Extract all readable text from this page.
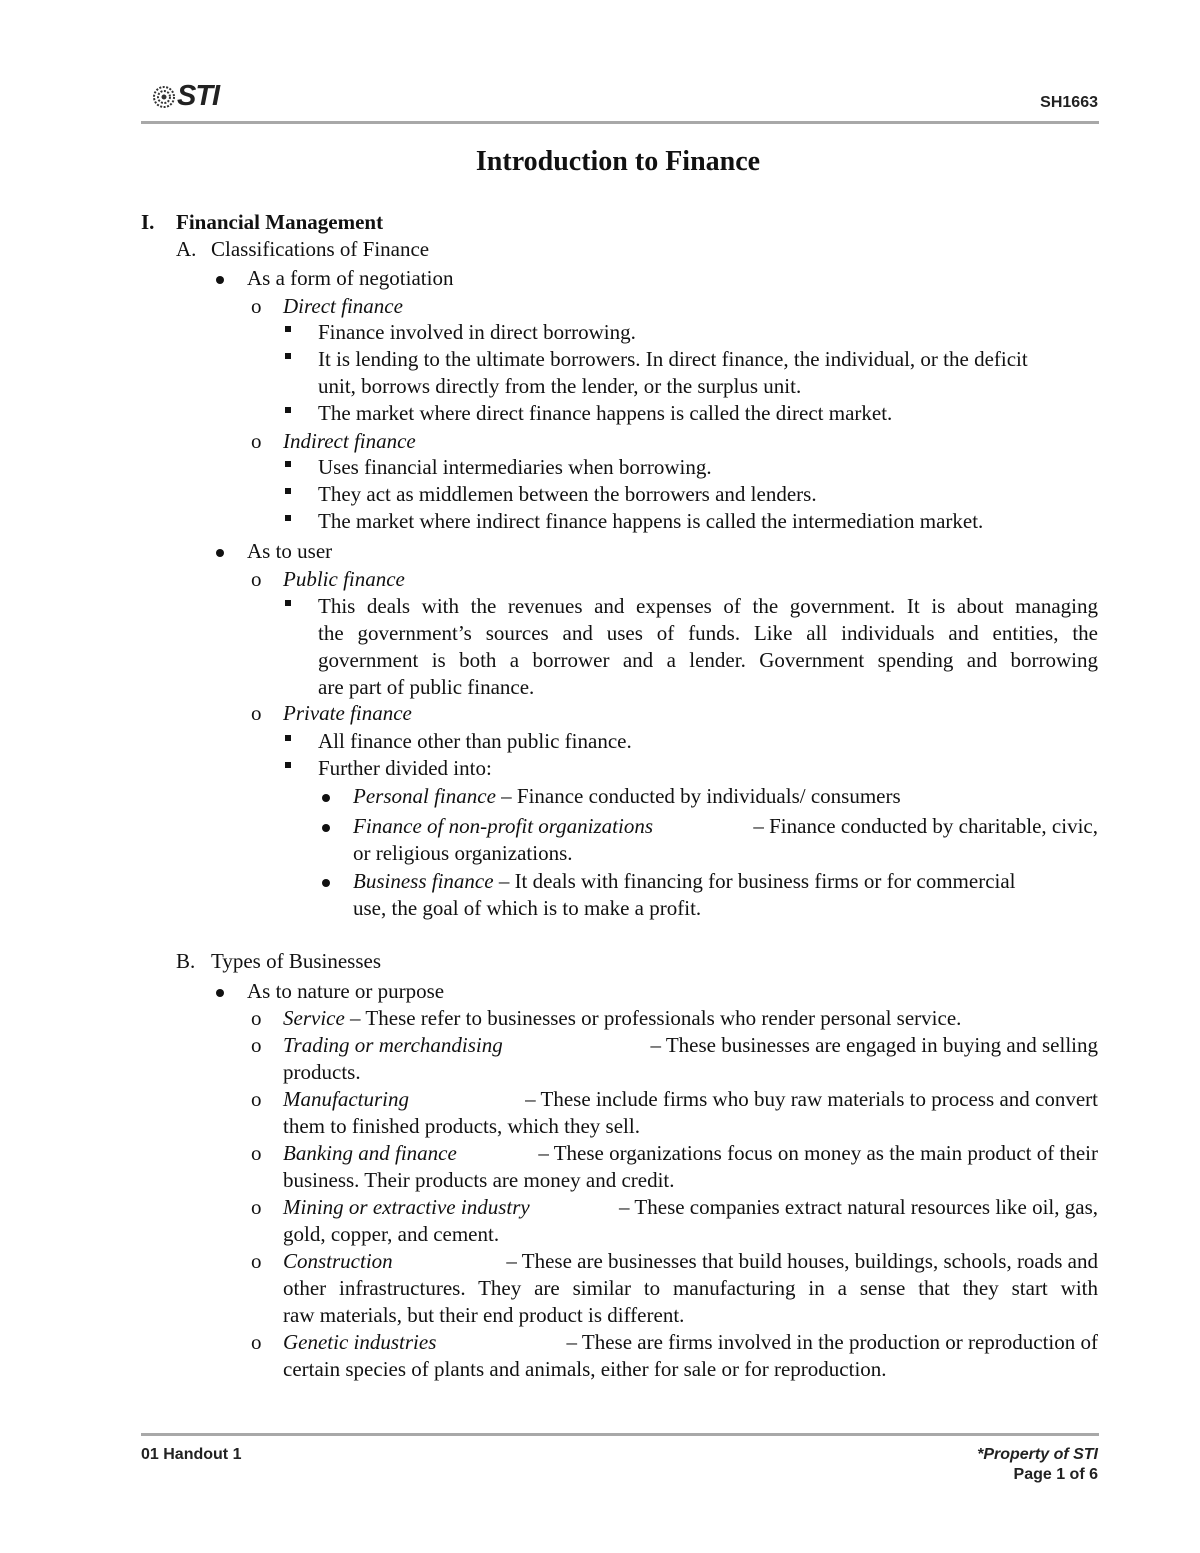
STI	SH1663
Introduction to Finance
I. Financial Management
A. Classifications of Finance
As a form of negotiation
o Direct finance
Finance involved in direct borrowing.
It is lending to the ultimate borrowers. In direct finance, the individual, or the deficit
unit, borrows directly from the lender, or the surplus unit.
The market where direct finance happens is called the direct market.
o Indirect finance
Uses financial intermediaries when borrowing.
They act as middlemen between the borrowers and lenders.
The market where indirect finance happens is called the intermediation market.
As to user
o Public finance
This deals with the revenues and expenses of the government. It is about managing
the government’s sources and uses of funds. Like all individuals and entities, the
government is both a borrower and a lender. Government spending and borrowing
are part of public finance.
o Private finance
All finance other than public finance.
Further divided into:
Personal finance – Finance conducted by individuals/ consumers
Finance of non-profit organizations	– Finance conducted by charitable, civic,
or religious organizations.
Business finance – It deals with financing for business firms or for commercial
use, the goal of which is to make a profit.
B. Types of Businesses
As to nature or purpose
o Service – These refer to businesses or professionals who render personal service.
o Trading or merchandising	– These businesses are engaged in buying and selling
products.
o Manufacturing	– These include firms who buy raw materials to process and convert
them to finished products, which they sell.
o Banking and finance	– These organizations focus on money as the main product of their
business. Their products are money and credit.
o Mining or extractive industry	– These companies extract natural resources like oil, gas,
gold, copper, and cement.
o Construction	– These are businesses that build houses, buildings, schools, roads and
other infrastructures. They are similar to manufacturing in a sense that they start with
raw materials, but their end product is different.
o Genetic industries	– These are firms involved in the production or reproduction of
certain species of plants and animals, either for sale or for reproduction.
01 Handout 1	*Property of STI
Page 1 of 6
